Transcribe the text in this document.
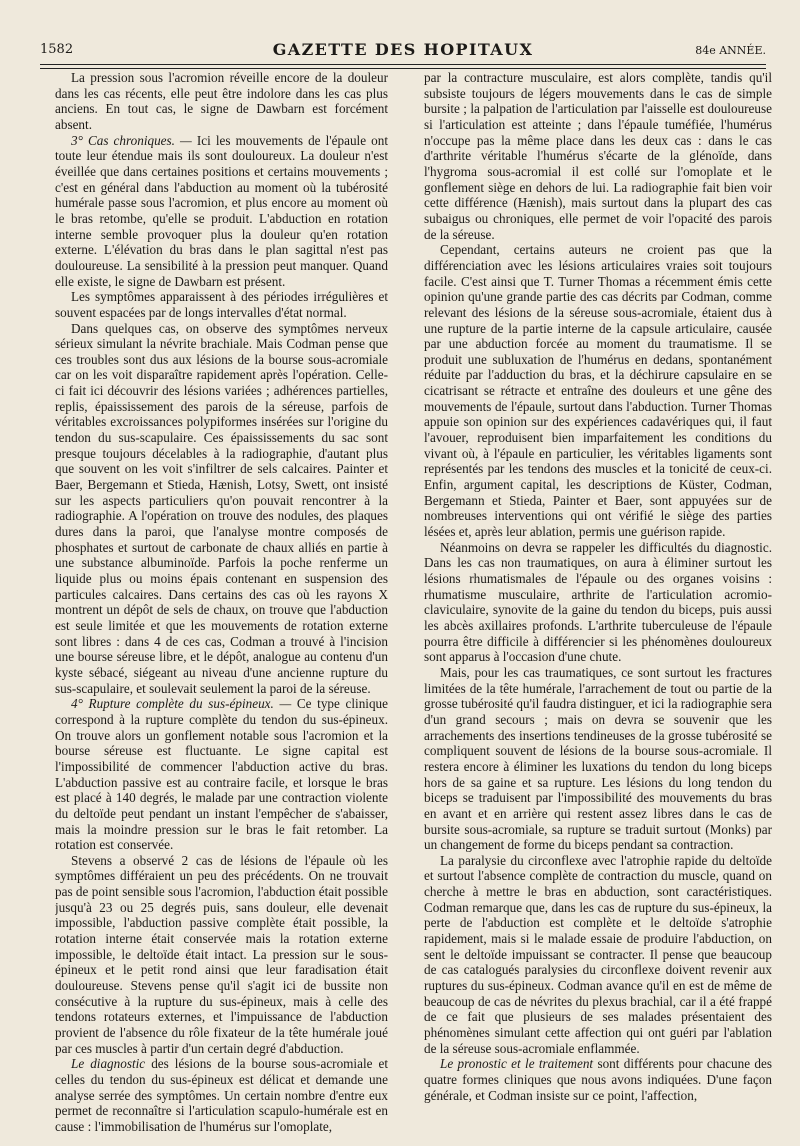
1582	GAZETTE DES HOPITAUX	84e ANNÉE.

La pression sous l'acromion réveille encore de la douleur dans les cas récents, elle peut être indolore dans les cas plus anciens. En tout cas, le signe de Dawbarn est forcément absent.

3° Cas chroniques. — Ici les mouvements de l'épaule ont toute leur étendue mais ils sont douloureux. La douleur n'est éveillée que dans certaines positions et certains mouvements ; c'est en général dans l'abduction au moment où la tubérosité humérale passe sous l'acromion, et plus encore au moment où le bras retombe, qu'elle se produit. L'abduction en rotation interne semble provoquer plus la douleur qu'en rotation externe. L'élévation du bras dans le plan sagittal n'est pas douloureuse. La sensibilité à la pression peut manquer. Quand elle existe, le signe de Dawbarn est présent.

Les symptômes apparaissent à des périodes irrégulières et souvent espacées par de longs intervalles d'état normal.

Dans quelques cas, on observe des symptômes nerveux sérieux simulant la névrite brachiale. Mais Codman pense que ces troubles sont dus aux lésions de la bourse sous-acromiale car on les voit disparaître rapidement après l'opération. Celle-ci fait ici découvrir des lésions variées ; adhérences partielles, replis, épaississement des parois de la séreuse, parfois de véritables excroissances polypiformes insérées sur l'origine du tendon du sus-scapulaire. Ces épaississements du sac sont presque toujours décelables à la radiographie, d'autant plus que souvent on les voit s'infiltrer de sels calcaires. Painter et Baer, Bergemann et Stieda, Hænish, Lotsy, Swett, ont insisté sur les aspects particuliers qu'on pouvait rencontrer à la radiographie. A l'opération on trouve des nodules, des plaques dures dans la paroi, que l'analyse montre composés de phosphates et surtout de carbonate de chaux alliés en partie à une substance albuminoïde. Parfois la poche renferme un liquide plus ou moins épais contenant en suspension des particules calcaires. Dans certains des cas où les rayons X montrent un dépôt de sels de chaux, on trouve que l'abduction est seule limitée et que les mouvements de rotation externe sont libres : dans 4 de ces cas, Codman a trouvé à l'incision une bourse séreuse libre, et le dépôt, analogue au contenu d'un kyste sébacé, siégeant au niveau d'une ancienne rupture du sus-scapulaire, et soulevait seulement la paroi de la séreuse.

4° Rupture complète du sus-épineux. — Ce type clinique correspond à la rupture complète du tendon du sus-épineux. On trouve alors un gonflement notable sous l'acromion et la bourse séreuse est fluctuante. Le signe capital est l'impossibilité de commencer l'abduction active du bras. L'abduction passive est au contraire facile, et lorsque le bras est placé à 140 degrés, le malade par une contraction violente du deltoïde peut pendant un instant l'empêcher de s'abaisser, mais la moindre pression sur le bras le fait retomber. La rotation est conservée.

Stevens a observé 2 cas de lésions de l'épaule où les symptômes différaient un peu des précédents. On ne trouvait pas de point sensible sous l'acromion, l'abduction était possible jusqu'à 23 ou 25 degrés puis, sans douleur, elle devenait impossible, l'abduction passive complète était possible, la rotation interne était conservée mais la rotation externe impossible, le deltoïde était intact. La pression sur le sous-épineux et le petit rond ainsi que leur faradisation était douloureuse. Stevens pense qu'il s'agit ici de bussite non consécutive à la rupture du sus-épineux, mais à celle des tendons rotateurs externes, et l'impuissance de l'abduction provient de l'absence du rôle fixateur de la tête humérale joué par ces muscles à partir d'un certain degré d'abduction.

Le diagnostic des lésions de la bourse sous-acromiale et celles du tendon du sus-épineux est délicat et demande une analyse serrée des symptômes. Un certain nombre d'entre eux permet de reconnaître si l'articulation scapulo-humérale est en cause : l'immobilisation de l'humérus sur l'omoplate,

par la contracture musculaire, est alors complète, tandis qu'il subsiste toujours de légers mouvements dans le cas de simple bursite ; la palpation de l'articulation par l'aisselle est douloureuse si l'articulation est atteinte ; dans l'épaule tuméfiée, l'humérus n'occupe pas la même place dans les deux cas : dans le cas d'arthrite véritable l'humérus s'écarte de la glénoïde, dans l'hygroma sous-acromial il est collé sur l'omoplate et le gonflement siège en dehors de lui. La radiographie fait bien voir cette différence (Hænish), mais surtout dans la plupart des cas subaigus ou chroniques, elle permet de voir l'opacité des parois de la séreuse.

Cependant, certains auteurs ne croient pas que la différenciation avec les lésions articulaires vraies soit toujours facile. C'est ainsi que T. Turner Thomas a récemment émis cette opinion qu'une grande partie des cas décrits par Codman, comme relevant des lésions de la séreuse sous-acromiale, étaient dus à une rupture de la partie interne de la capsule articulaire, causée par une abduction forcée au moment du traumatisme. Il se produit une subluxation de l'humérus en dedans, spontanément réduite par l'adduction du bras, et la déchirure capsulaire en se cicatrisant se rétracte et entraîne des douleurs et une gêne des mouvements de l'épaule, surtout dans l'abduction. Turner Thomas appuie son opinion sur des expériences cadavériques qui, il faut l'avouer, reproduisent bien imparfaitement les conditions du vivant où, à l'épaule en particulier, les véritables ligaments sont représentés par les tendons des muscles et la tonicité de ceux-ci. Enfin, argument capital, les descriptions de Küster, Codman, Bergemann et Stieda, Painter et Baer, sont appuyées sur de nombreuses interventions qui ont vérifié le siège des parties lésées et, après leur ablation, permis une guérison rapide.

Néanmoins on devra se rappeler les difficultés du diagnostic. Dans les cas non traumatiques, on aura à éliminer surtout les lésions rhumatismales de l'épaule ou des organes voisins : rhumatisme musculaire, arthrite de l'articulation acromio-claviculaire, synovite de la gaine du tendon du biceps, puis aussi les abcès axillaires profonds. L'arthrite tuberculeuse de l'épaule pourra être difficile à différencier si les phénomènes douloureux sont apparus à l'occasion d'une chute.

Mais, pour les cas traumatiques, ce sont surtout les fractures limitées de la tête humérale, l'arrachement de tout ou partie de la grosse tubérosité qu'il faudra distinguer, et ici la radiographie sera d'un grand secours ; mais on devra se souvenir que les arrachements des insertions tendineuses de la grosse tubérosité se compliquent souvent de lésions de la bourse sous-acromiale. Il restera encore à éliminer les luxations du tendon du long biceps hors de sa gaine et sa rupture. Les lésions du long tendon du biceps se traduisent par l'impossibilité des mouvements du bras en avant et en arrière qui restent assez libres dans le cas de bursite sous-acromiale, sa rupture se traduit surtout (Monks) par un changement de forme du biceps pendant sa contraction.

La paralysie du circonflexe avec l'atrophie rapide du deltoïde et surtout l'absence complète de contraction du muscle, quand on cherche à mettre le bras en abduction, sont caractéristiques. Codman remarque que, dans les cas de rupture du sus-épineux, la perte de l'abduction est complète et le deltoïde s'atrophie rapidement, mais si le malade essaie de produire l'abduction, on sent le deltoïde impuissant se contracter. Il pense que beaucoup de cas catalogués paralysies du circonflexe doivent revenir aux ruptures du sus-épineux. Codman avance qu'il en est de même de beaucoup de cas de névrites du plexus brachial, car il a été frappé de ce fait que plusieurs de ses malades présentaient des phénomènes simulant cette affection qui ont guéri par l'ablation de la séreuse sous-acromiale enflammée.

Le pronostic et le traitement sont différents pour chacune des quatre formes cliniques que nous avons indiquées. D'une façon générale, et Codman insiste sur ce point, l'affection,
